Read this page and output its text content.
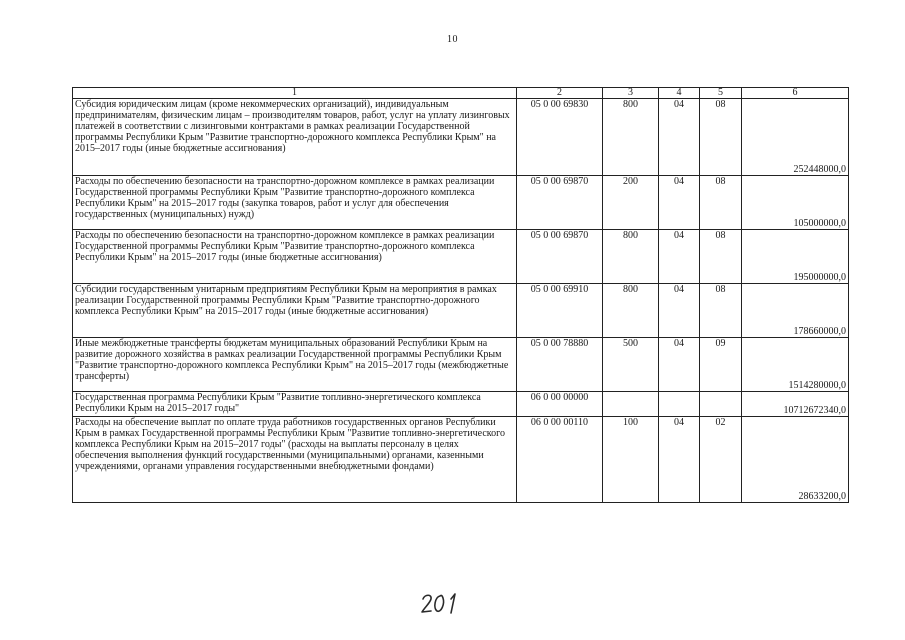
10
1	2	3	4	5	6
Субсидия юридическим лицам (кроме некоммерческих организаций), индивидуальным предпринимателям, физическим лицам – производителям товаров, работ, услуг на уплату лизинговых платежей в соответствии с лизинговыми контрактами в рамках реализации Государственной программы Республики Крым "Развитие транспортно-дорожного комплекса Республики Крым" на 2015–2017 годы (иные бюджетные ассигнования)	05 0 00 69830	800	04	08	252448000,0
Расходы по обеспечению безопасности на транспортно-дорожном комплексе в рамках реализации Государственной программы Республики Крым "Развитие транспортно-дорожного комплекса Республики Крым" на 2015–2017 годы (закупка товаров, работ и услуг для обеспечения государственных (муниципальных) нужд)	05 0 00 69870	200	04	08	105000000,0
Расходы по обеспечению безопасности на транспортно-дорожном комплексе в рамках реализации Государственной программы Республики Крым "Развитие транспортно-дорожного комплекса Республики Крым" на 2015–2017 годы (иные бюджетные ассигнования)	05 0 00 69870	800	04	08	195000000,0
Субсидии государственным унитарным предприятиям Республики Крым на мероприятия в рамках реализации Государственной программы Республики Крым "Развитие транспортно-дорожного комплекса Республики Крым" на 2015–2017 годы (иные бюджетные ассигнования)	05 0 00 69910	800	04	08	178660000,0
Иные межбюджетные трансферты бюджетам муниципальных образований Республики Крым на развитие дорожного хозяйства в рамках реализации Государственной программы Республики Крым "Развитие транспортно-дорожного комплекса Республики Крым" на 2015–2017 годы (межбюджетные трансферты)	05 0 00 78880	500	04	09	1514280000,0
Государственная программа Республики Крым "Развитие топливно-энергетического комплекса Республики Крым на 2015–2017 годы"	06 0 00 00000				10712672340,0
Расходы на обеспечение выплат по оплате труда работников государственных органов Республики Крым в рамках Государственной программы Республики Крым "Развитие топливно-энергетического комплекса Республики Крым на 2015–2017 годы" (расходы на выплаты персоналу в целях обеспечения выполнения функций государственными (муниципальными) органами, казенными учреждениями, органами управления государственными внебюджетными фондами)	06 0 00 00110	100	04	02	28633200,0
